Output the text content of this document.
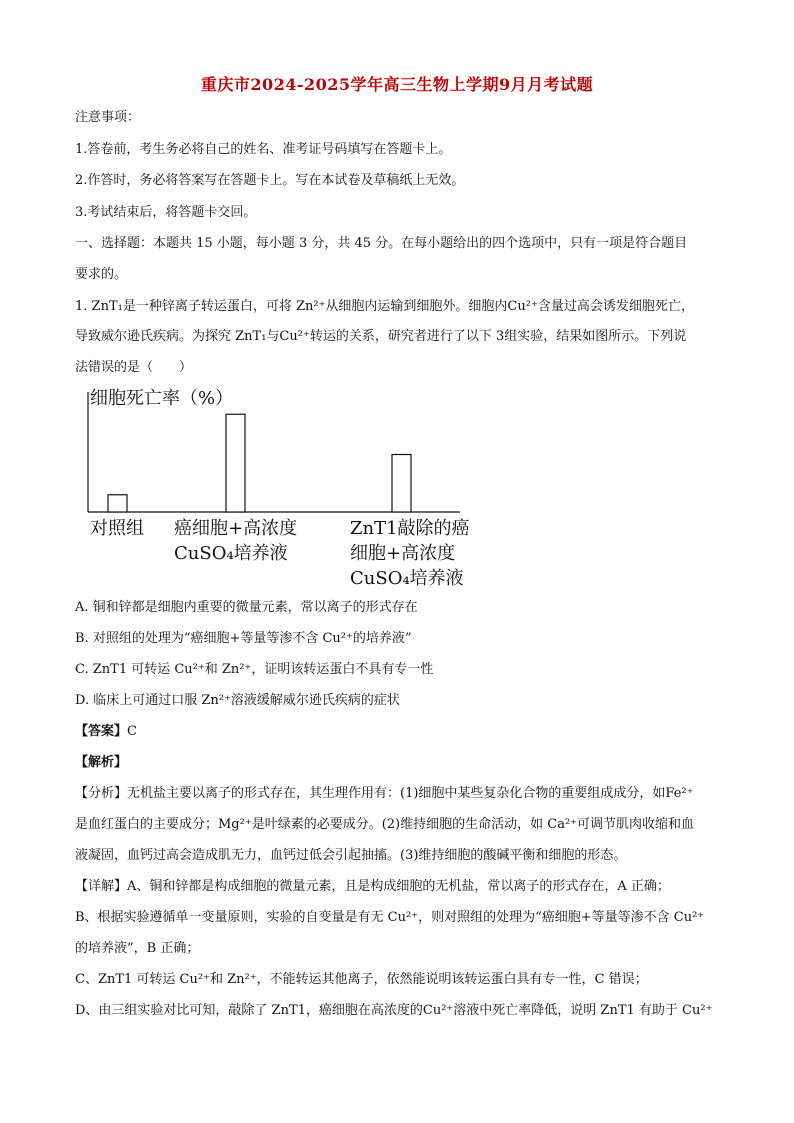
重庆市2024-2025学年高三生物上学期9月月考试题
注意事项：
1.答卷前，考生务必将自己的姓名、准考证号码填写在答题卡上。
2.作答时，务必将答案写在答题卡上。写在本试卷及草稿纸上无效。
3.考试结束后，将答题卡交回。
一、选择题：本题共 15 小题，每小题 3 分，共 45 分。在每小题给出的四个选项中，只有一项是符合题目
要求的。
1. ZnT₁是一种锌离子转运蛋白，可将 Zn²⁺从细胞内运输到细胞外。细胞内Cu²⁺含量过高会诱发细胞死亡，
导致威尔逊氏疾病。为探究 ZnT₁与Cu²⁺转运的关系，研究者进行了以下 3组实验，结果如图所示。下列说
法错误的是（　　）
细胞死亡率（%）
对照组 癌细胞+高浓度
CuSO₄培养液
ZnT1敲除的癌
细胞+高浓度
CuSO₄培养液
A. 铜和锌都是细胞内重要的微量元素，常以离子的形式存在
B. 对照组的处理为“癌细胞+等量等渗不含 Cu²⁺的培养液”
C. ZnT1 可转运 Cu²⁺和 Zn²⁺，证明该转运蛋白不具有专一性
D. 临床上可通过口服 Zn²⁺溶液缓解威尔逊氏疾病的症状
【答案】C
【解析】
【分析】无机盐主要以离子的形式存在，其生理作用有：(1)细胞中某些复杂化合物的重要组成成分，如Fe²⁺
是血红蛋白的主要成分；Mg²⁺是叶绿素的必要成分。(2)维持细胞的生命活动，如 Ca²⁺可调节肌肉收缩和血
液凝固，血钙过高会造成肌无力，血钙过低会引起抽搐。(3)维持细胞的酸碱平衡和细胞的形态。
【详解】A、铜和锌都是构成细胞的微量元素，且是构成细胞的无机盐，常以离子的形式存在，A 正确；
B、根据实验遵循单一变量原则，实验的自变量是有无 Cu²⁺，则对照组的处理为“癌细胞+等量等渗不含 Cu²⁺
的培养液”，B 正确；
C、ZnT1 可转运 Cu²⁺和 Zn²⁺，不能转运其他离子，依然能说明该转运蛋白具有专一性，C 错误；
D、由三组实验对比可知，敲除了 ZnT1，癌细胞在高浓度的Cu²⁺溶液中死亡率降低，说明 ZnT1 有助于 Cu²⁺
